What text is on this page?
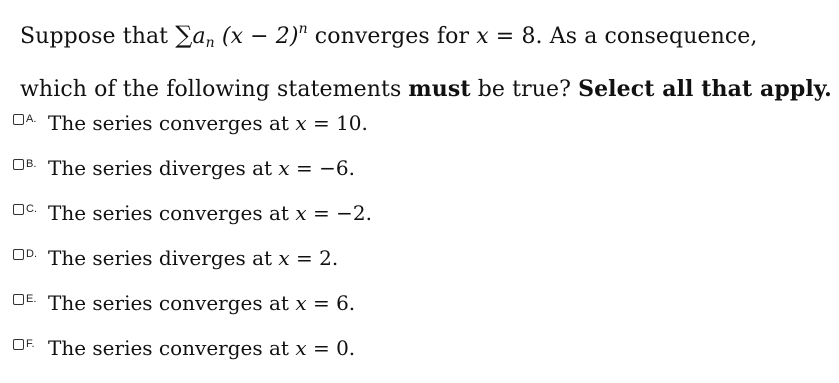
Suppose that $\sum a_n$ $(x - 2)^n$ converges for x = 8. As a consequence,
which of the following statements must be true? Select all that apply.
A. The series converges at x = 10.
B. The series diverges at x = −6.
C. The series converges at x = −2.
D. The series diverges at x = 2.
E. The series converges at x = 6.
F. The series converges at x = 0.
